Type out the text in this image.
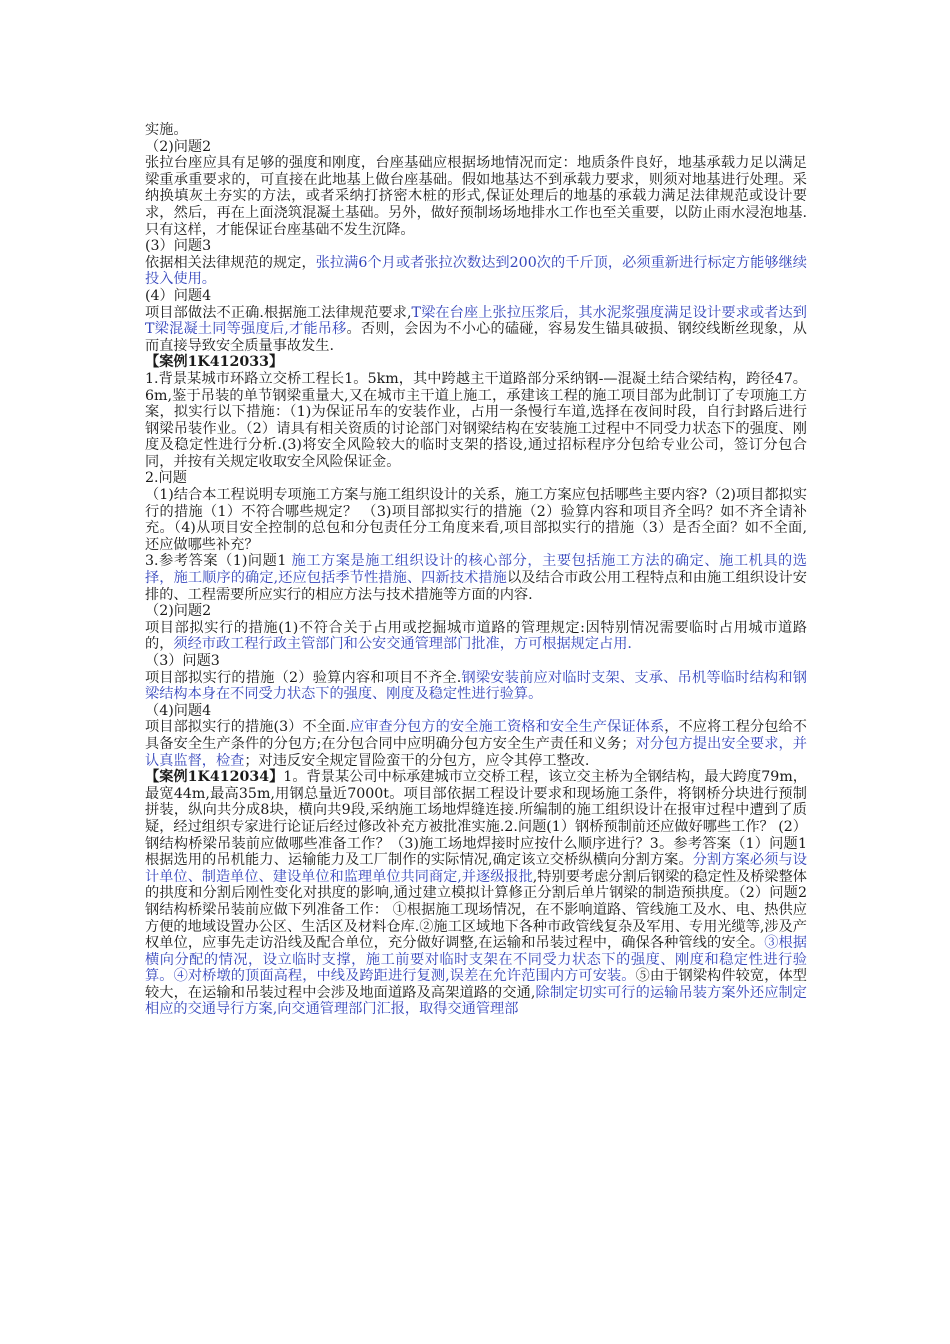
实施。

（2)问题2

张拉台座应具有足够的强度和刚度，台座基础应根据场地情况而定：地质条件良好，地基承载力足以满足梁重承重要求的，可直接在此地基上做台座基础。假如地基达不到承载力要求，则须对地基进行处理。采纳换填灰土夯实的方法，或者采纳打挤密木桩的形式,保证处理后的地基的承载力满足法律规范或设计要求，然后，再在上面浇筑混凝土基础。另外，做好预制场场地排水工作也至关重要，以防止雨水浸泡地基.只有这样，才能保证台座基础不发生沉降。

(3）问题3

依据相关法律规范的规定，张拉满6个月或者张拉次数达到200次的千斤顶，必须重新进行标定方能够继续投入使用。

(4）问题4

项目部做法不正确.根据施工法律规范要求,T梁在台座上张拉压浆后，其水泥浆强度满足设计要求或者达到T梁混凝土同等强度后,才能吊移。否则，会因为不小心的磕碰，容易发生锚具破损、钢绞线断丝现象，从而直接导致安全质量事故发生.

【案例1K412033】

1.背景某城市环路立交桥工程长1。5km，其中跨越主干道路部分采纳钢-—混凝土结合梁结构，跨径47。6m,鉴于吊装的单节钢梁重量大,又在城市主干道上施工，承建该工程的施工项目部为此制订了专项施工方案，拟实行以下措施：（1)为保证吊车的安装作业，占用一条慢行车道,选择在夜间时段，自行封路后进行钢梁吊装作业。（2）请具有相关资质的讨论部门对钢梁结构在安装施工过程中不同受力状态下的强度、刚度及稳定性进行分析.(3)将安全风险较大的临时支架的搭设,通过招标程序分包给专业公司，签订分包合同，并按有关规定收取安全风险保证金。

2.问题

（1)结合本工程说明专项施工方案与施工组织设计的关系，施工方案应包括哪些主要内容?（2)项目都拟实行的措施（1）不符合哪些规定？ （3)项目部拟实行的措施（2）验算内容和项目齐全吗？如不齐全请补充。（4)从项目安全控制的总包和分包责任分工角度来看,项目部拟实行的措施（3）是否全面？如不全面,还应做哪些补充？

3.参考答案（1)问题1 施工方案是施工组织设计的核心部分，主要包括施工方法的确定、施工机具的选择，施工顺序的确定,还应包括季节性措施、四新技术措施以及结合市政公用工程特点和由施工组织设计安排的、工程需要所应实行的相应方法与技术措施等方面的内容.

（2)问题2

项目部拟实行的措施(1)不符合关于占用或挖掘城市道路的管理规定:因特别情况需要临时占用城市道路的，须经市政工程行政主管部门和公安交通管理部门批准，方可根据规定占用.

（3）问题3

项目部拟实行的措施（2）验算内容和项目不齐全.钢梁安装前应对临时支架、支承、吊机等临时结构和钢梁结构本身在不同受力状态下的强度、刚度及稳定性进行验算。

（4)问题4

项目部拟实行的措施(3）不全面.应审查分包方的安全施工资格和安全生产保证体系，不应将工程分包给不具备安全生产条件的分包方;在分包合同中应明确分包方安全生产责任和义务；对分包方提出安全要求，并认真监督，检查；对违反安全规定冒险蛮干的分包方，应令其停工整改.

【案例1K412034】1。背景某公司中标承建城市立交桥工程，该立交主桥为全钢结构，最大跨度79m，最宽44m,最高35m,用钢总量近7000t。项目部依据工程设计要求和现场施工条件，将钢桥分块进行预制拼装，纵向共分成8块，横向共9段,采纳施工场地焊缝连接.所编制的施工组织设计在报审过程中遭到了质疑，经过组织专家进行论证后经过修改补充方被批准实施.2.问题(1）钢桥预制前还应做好哪些工作？ (2）钢结构桥梁吊装前应做哪些准备工作？（3)施工场地焊接时应按什么顺序进行？3。参考答案（1）问题1 根据选用的吊机能力、运输能力及工厂制作的实际情况,确定该立交桥纵横向分割方案。分割方案必须与设计单位、制造单位、建设单位和监理单位共同商定,并逐级报批,特别要考虑分割后钢梁的稳定性及桥梁整体的拱度和分割后刚性变化对拱度的影响,通过建立模拟计算修正分割后单片钢梁的制造预拱度。（2）问题2 钢结构桥梁吊装前应做下列准备工作： ①根据施工现场情况，在不影响道路、管线施工及水、电、热供应方便的地域设置办公区、生活区及材料仓库.②施工区域地下各种市政管线复杂及军用、专用光缆等,涉及产权单位，应事先走访沿线及配合单位，充分做好调整,在运输和吊装过程中，确保各种管线的安全。③根据横向分配的情况，设立临时支撑，施工前要对临时支架在不同受力状态下的强度、刚度和稳定性进行验算。④对桥墩的顶面高程，中线及跨距进行复测,误差在允许范围内方可安装。⑤由于钢梁构件较宽，体型较大，在运输和吊装过程中会涉及地面道路及高架道路的交通,除制定切实可行的运输吊装方案外还应制定相应的交通导行方案,向交通管理部门汇报，取得交通管理部
